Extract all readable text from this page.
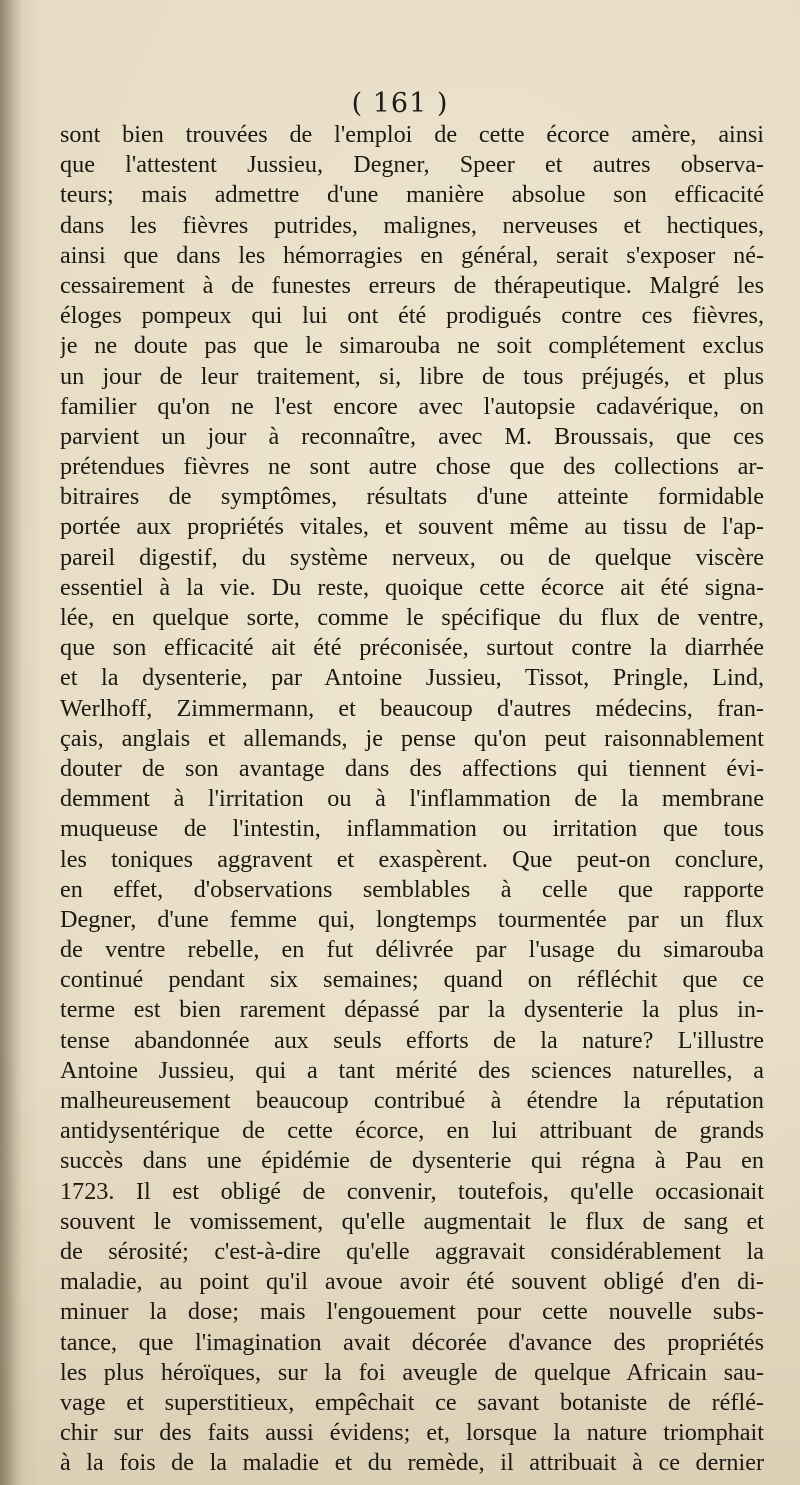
( 161 )
sont bien trouvées de l'emploi de cette écorce amère, ainsi
que l'attestent Jussieu, Degner, Speer et autres observa-
teurs; mais admettre d'une manière absolue son efficacité
dans les fièvres putrides, malignes, nerveuses et hectiques,
ainsi que dans les hémorragies en général, serait s'exposer né-
cessairement à de funestes erreurs de thérapeutique. Malgré les
éloges pompeux qui lui ont été prodigués contre ces fièvres,
je ne doute pas que le simarouba ne soit complétement exclus
un jour de leur traitement, si, libre de tous préjugés, et plus
familier qu'on ne l'est encore avec l'autopsie cadavérique, on
parvient un jour à reconnaître, avec M. Broussais, que ces
prétendues fièvres ne sont autre chose que des collections ar-
bitraires de symptômes, résultats d'une atteinte formidable
portée aux propriétés vitales, et souvent même au tissu de l'ap-
pareil digestif, du système nerveux, ou de quelque viscère
essentiel à la vie. Du reste, quoique cette écorce ait été signa-
lée, en quelque sorte, comme le spécifique du flux de ventre,
que son efficacité ait été préconisée, surtout contre la diarrhée
et la dysenterie, par Antoine Jussieu, Tissot, Pringle, Lind,
Werlhoff, Zimmermann, et beaucoup d'autres médecins, fran-
çais, anglais et allemands, je pense qu'on peut raisonnablement
douter de son avantage dans des affections qui tiennent évi-
demment à l'irritation ou à l'inflammation de la membrane
muqueuse de l'intestin, inflammation ou irritation que tous
les toniques aggravent et exaspèrent. Que peut-on conclure,
en effet, d'observations semblables à celle que rapporte
Degner, d'une femme qui, longtemps tourmentée par un flux
de ventre rebelle, en fut délivrée par l'usage du simarouba
continué pendant six semaines; quand on réfléchit que ce
terme est bien rarement dépassé par la dysenterie la plus in-
tense abandonnée aux seuls efforts de la nature? L'illustre
Antoine Jussieu, qui a tant mérité des sciences naturelles, a
malheureusement beaucoup contribué à étendre la réputation
antidysentérique de cette écorce, en lui attribuant de grands
succès dans une épidémie de dysenterie qui régna à Pau en
1723. Il est obligé de convenir, toutefois, qu'elle occasionait
souvent le vomissement, qu'elle augmentait le flux de sang et
de sérosité; c'est-à-dire qu'elle aggravait considérablement la
maladie, au point qu'il avoue avoir été souvent obligé d'en di-
minuer la dose; mais l'engouement pour cette nouvelle subs-
tance, que l'imagination avait décorée d'avance des propriétés
les plus héroïques, sur la foi aveugle de quelque Africain sau-
vage et superstitieux, empêchait ce savant botaniste de réflé-
chir sur des faits aussi évidens; et, lorsque la nature triomphait
à la fois de la maladie et du remède, il attribuait à ce dernier
